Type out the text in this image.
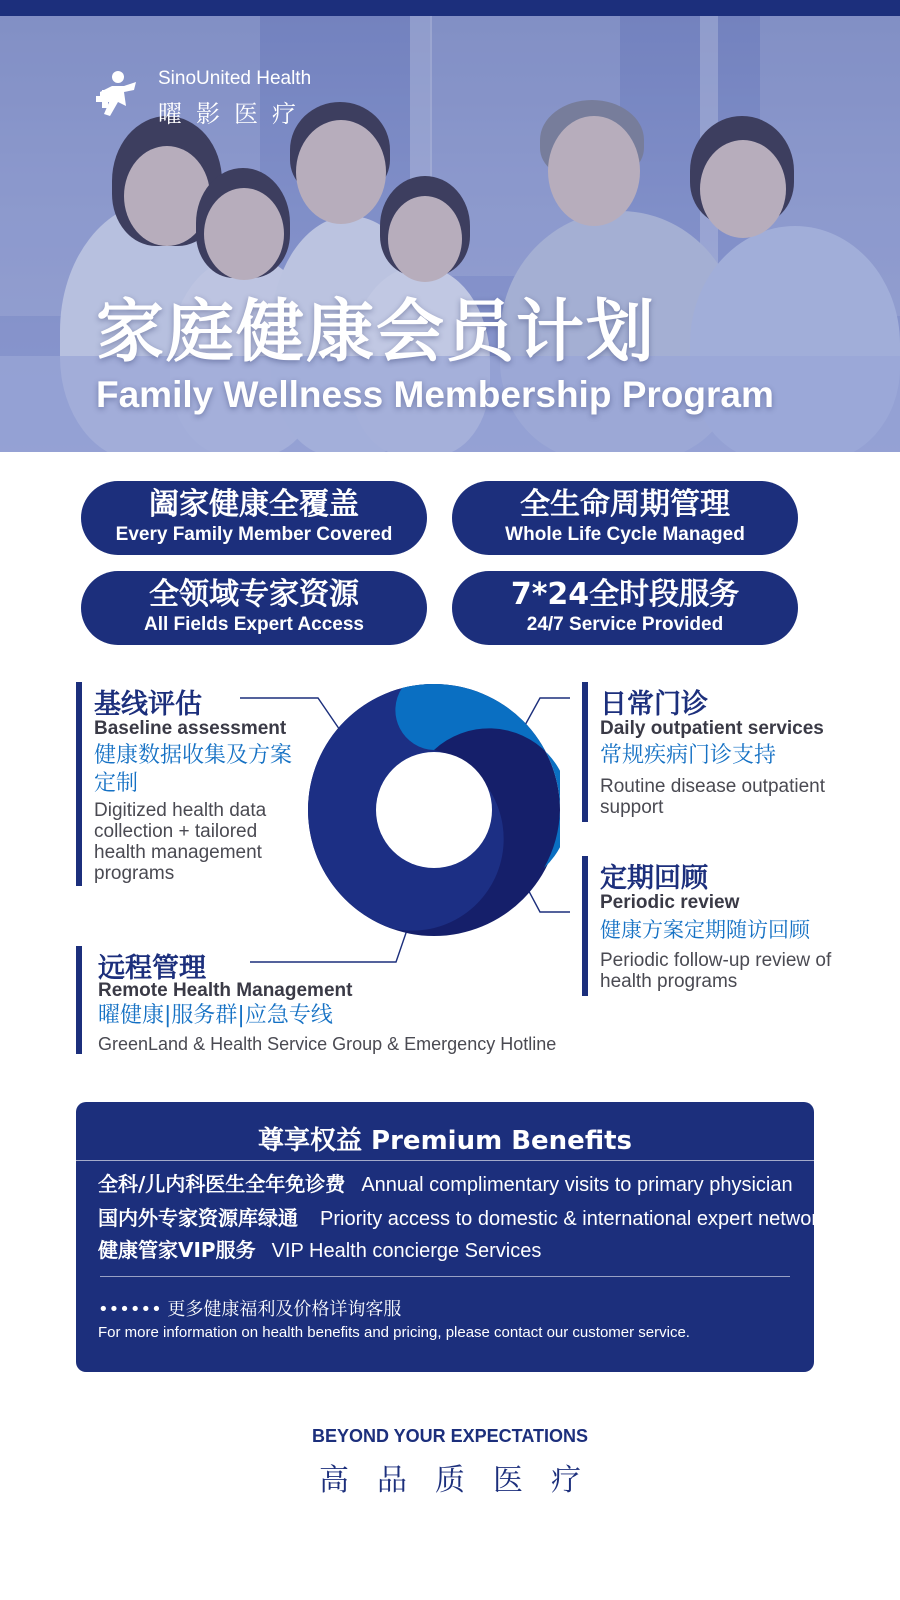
SinoUnited Health
曜影医疗
家庭健康会员计划
Family Wellness Membership Program
阖家健康全覆盖
Every Family Member Covered
全生命周期管理
Whole Life Cycle Managed
全领域专家资源
All Fields Expert Access
7*24全时段服务
24/7 Service Provided
基线评估
Baseline assessment
健康数据收集及方案定制
Digitized health data collection + tailored health management programs
日常门诊
Daily outpatient services
常规疾病门诊支持
Routine disease outpatient support
定期回顾
Periodic review
健康方案定期随访回顾
Periodic follow-up review of health programs
远程管理
Remote Health Management
曜健康|服务群|应急专线
GreenLand & Health Service Group & Emergency Hotline
尊享权益 Premium Benefits
全科/儿内科医生全年免诊费 Annual complimentary visits to primary physician
国内外专家资源库绿通 Priority access to domestic & international expert network
健康管家VIP服务 VIP Health concierge Services
•••••• 更多健康福利及价格详询客服
For more information on health benefits and pricing, please contact our customer service.
BEYOND YOUR EXPECTATIONS
高品质医疗
